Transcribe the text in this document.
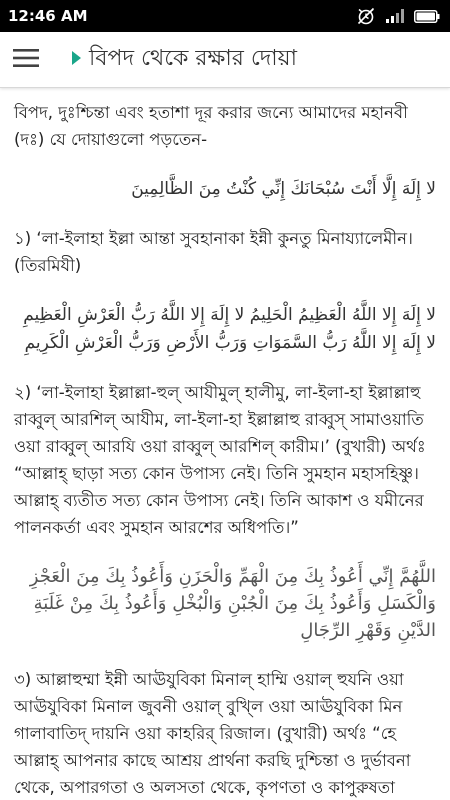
12:46 AM
বিপদ থেকে রক্ষার দোয়া

বিপদ, দুঃশ্চিন্তা এবং হতাশা দূর করার জন্যে আমাদের মহানবী (দঃ) যে দোয়াগুলো পড়তেন-

لا إِلَهَ إِلَّا أَنْتَ سُبْحَانَكَ إِنِّي كُنْتُ مِنَ الظَّالِمِينَ

১) ‘লা-ইলাহা ইল্লা আন্তা সুবহানাকা ইন্নী কুনতু মিনায্যালেমীন। (তিরমিযী)

لا إِلَهَ إِلا اللَّهُ الْعَظِيمُ الْحَلِيمُ لا إِلَهَ إِلا اللَّهُ رَبُّ الْعَرْشِ الْعَظِيمِ لا إِلَهَ إِلا اللَّهُ رَبُّ السَّمَوَاتِ وَرَبُّ الأَرْضِ وَرَبُّ الْعَرْشِ الْكَرِيمِ

২) ‘লা-ইলাহা ইল্লাল্লা-হুল্ আযীমুল্ হালীমু, লা-ইলা-হা ইল্লাল্লাহু রাব্বুল্ আরশিল্ আযীম, লা-ইলা-হা ইল্লাল্লাহু রাব্বুস্ সামাওয়াতি ওয়া রাব্বুল্ আরযি ওয়া রাব্বুল্ আরশিল্ কারীম।’ (বুখারী) অর্থঃ “আল্লাহ্ ছাড়া সত্য কোন উপাস্য নেই। তিনি সুমহান মহাসহিষ্ণু। আল্লাহ্ ব্যতীত সত্য কোন উপাস্য নেই। তিনি আকাশ ও যমীনের পালনকর্তা এবং সুমহান আরশের অধিপতি।”

اللَّهُمَّ إِنِّي أَعُوذُ بِكَ مِنَ الْهَمِّ وَالْحَزَنِ وَأَعُوذُ بِكَ مِنَ الْعَجْزِ وَالْكَسَلِ وَأَعُوذُ بِكَ مِنَ الْجُبْنِ وَالْبُخْلِ وَأَعُوذُ بِكَ مِنْ غَلَبَةِ الدَّيْنِ وَقَهْرِ الرِّجَالِ

৩) আল্লাহুম্মা ইন্নী আঊযুবিকা মিনাল্ হাম্মি ওয়াল্ হুযনি ওয়া আঊযুবিকা মিনাল জুবনী ওয়াল্ বুখ্লি ওয়া আঊযুবিকা মিন গালাবাতিদ্ দায়নি ওয়া কাহরির্ রিজাল। (বুখারী) অর্থঃ “হে আল্লাহ্ আপনার কাছে আশ্রয় প্রার্থনা করছি দুশ্চিন্তা ও দুর্ভাবনা থেকে, অপারগতা ও অলসতা থেকে, কৃপণতা ও কাপুরুষতা
